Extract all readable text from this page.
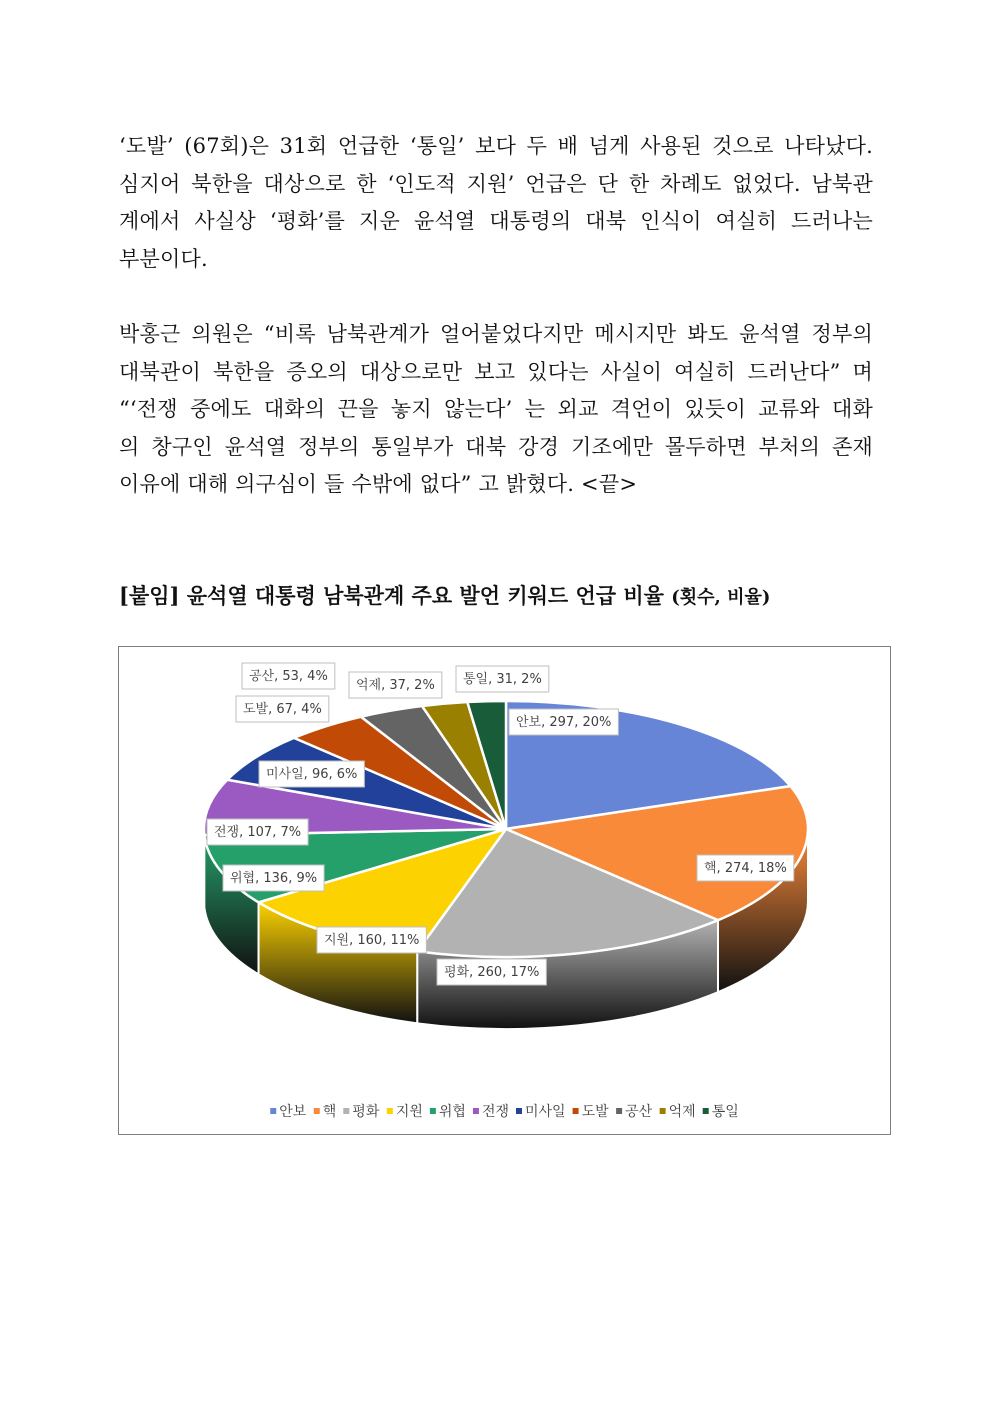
‘도발’ (67회)은 31회 언급한 ‘통일’ 보다 두 배 넘게 사용된 것으로 나타났다.
심지어 북한을 대상으로 한 ‘인도적 지원’ 언급은 단 한 차례도 없었다. 남북관
계에서 사실상 ‘평화’를 지운 윤석열 대통령의 대북 인식이 여실히 드러나는
부분이다.
박홍근 의원은 “비록 남북관계가 얼어붙었다지만 메시지만 봐도 윤석열 정부의
대북관이 북한을 증오의 대상으로만 보고 있다는 사실이 여실히 드러난다” 며
“‘전쟁 중에도 대화의 끈을 놓지 않는다’ 는 외교 격언이 있듯이 교류와 대화
의 창구인 윤석열 정부의 통일부가 대북 강경 기조에만 몰두하면 부처의 존재
이유에 대해 의구심이 들 수밖에 없다” 고 밝혔다. <끝>
[붙임] 윤석열 대통령 남북관계 주요 발언 키워드 언급 비율 (횟수, 비율)
안보, 297, 20%
핵, 274, 18%
평화, 260, 17%
지원, 160, 11%
위협, 136, 9%
전쟁, 107, 7%
미사일, 96, 6%
도발, 67, 4%
공산, 53, 4%
억제, 37, 2% 통일, 31, 2%
안보 핵 평화 지원 위협 전쟁 미사일 도발 공산 억제 통일
